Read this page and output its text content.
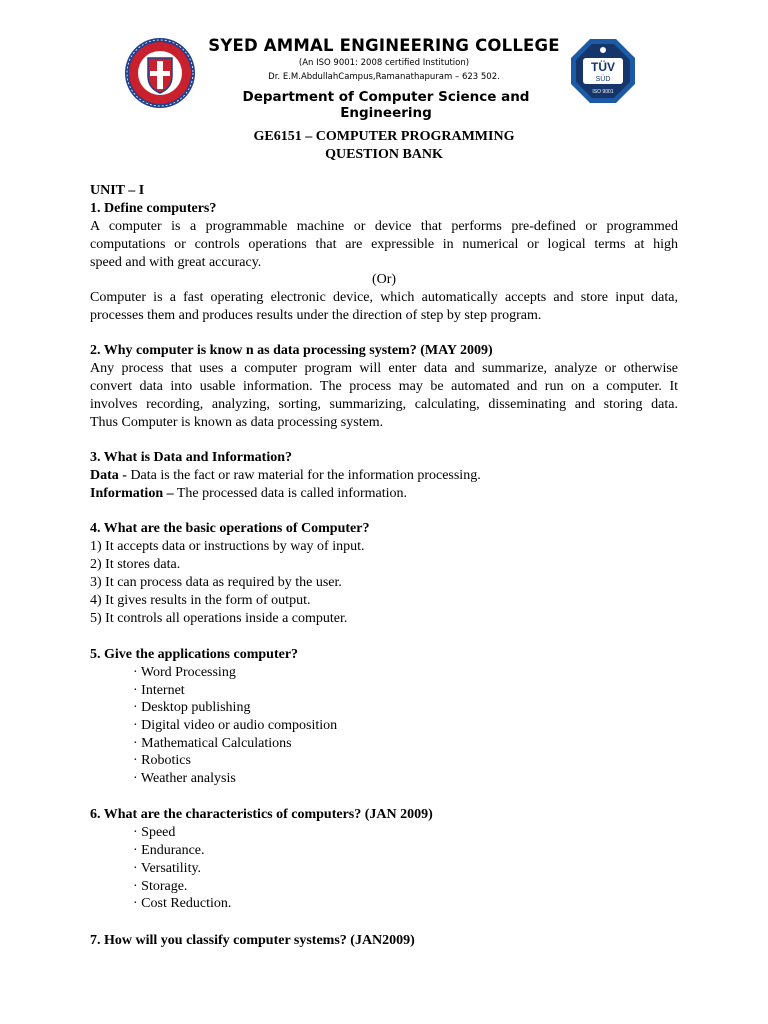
TÜV
SÜD
ISO 9001
SYED AMMAL ENGINEERING COLLEGE
(An ISO 9001: 2008 certified Institution)
Dr. E.M.AbdullahCampus,Ramanathapuram – 623 502.
Department of Computer Science and Engineering
GE6151 – COMPUTER PROGRAMMING
QUESTION BANK
UNIT – I
1. Define computers?
A computer is a programmable machine or device that performs pre-defined or programmed
computations or controls operations that are expressible in numerical or logical terms at high
speed and with great accuracy.
(Or)
Computer is a fast operating electronic device, which automatically accepts and store input data,
processes them and produces results under the direction of step by step program.
2. Why computer is know n as data processing system? (MAY 2009)
Any process that uses a computer program will enter data and summarize, analyze or otherwise
convert data into usable information. The process may be automated and run on a computer. It
involves recording, analyzing, sorting, summarizing, calculating, disseminating and storing data.
Thus Computer is known as data processing system.
3. What is Data and Information?
Data - Data is the fact or raw material for the information processing.
Information – The processed data is called information.
4. What are the basic operations of Computer?
1) It accepts data or instructions by way of input.
2) It stores data.
3) It can process data as required by the user.
4) It gives results in the form of output.
5) It controls all operations inside a computer.
5. Give the applications computer?
· Word Processing
· Internet
· Desktop publishing
· Digital video or audio composition
· Mathematical Calculations
· Robotics
· Weather analysis
6. What are the characteristics of computers? (JAN 2009)
· Speed
· Endurance.
· Versatility.
· Storage.
· Cost Reduction.
7. How will you classify computer systems? (JAN2009)
